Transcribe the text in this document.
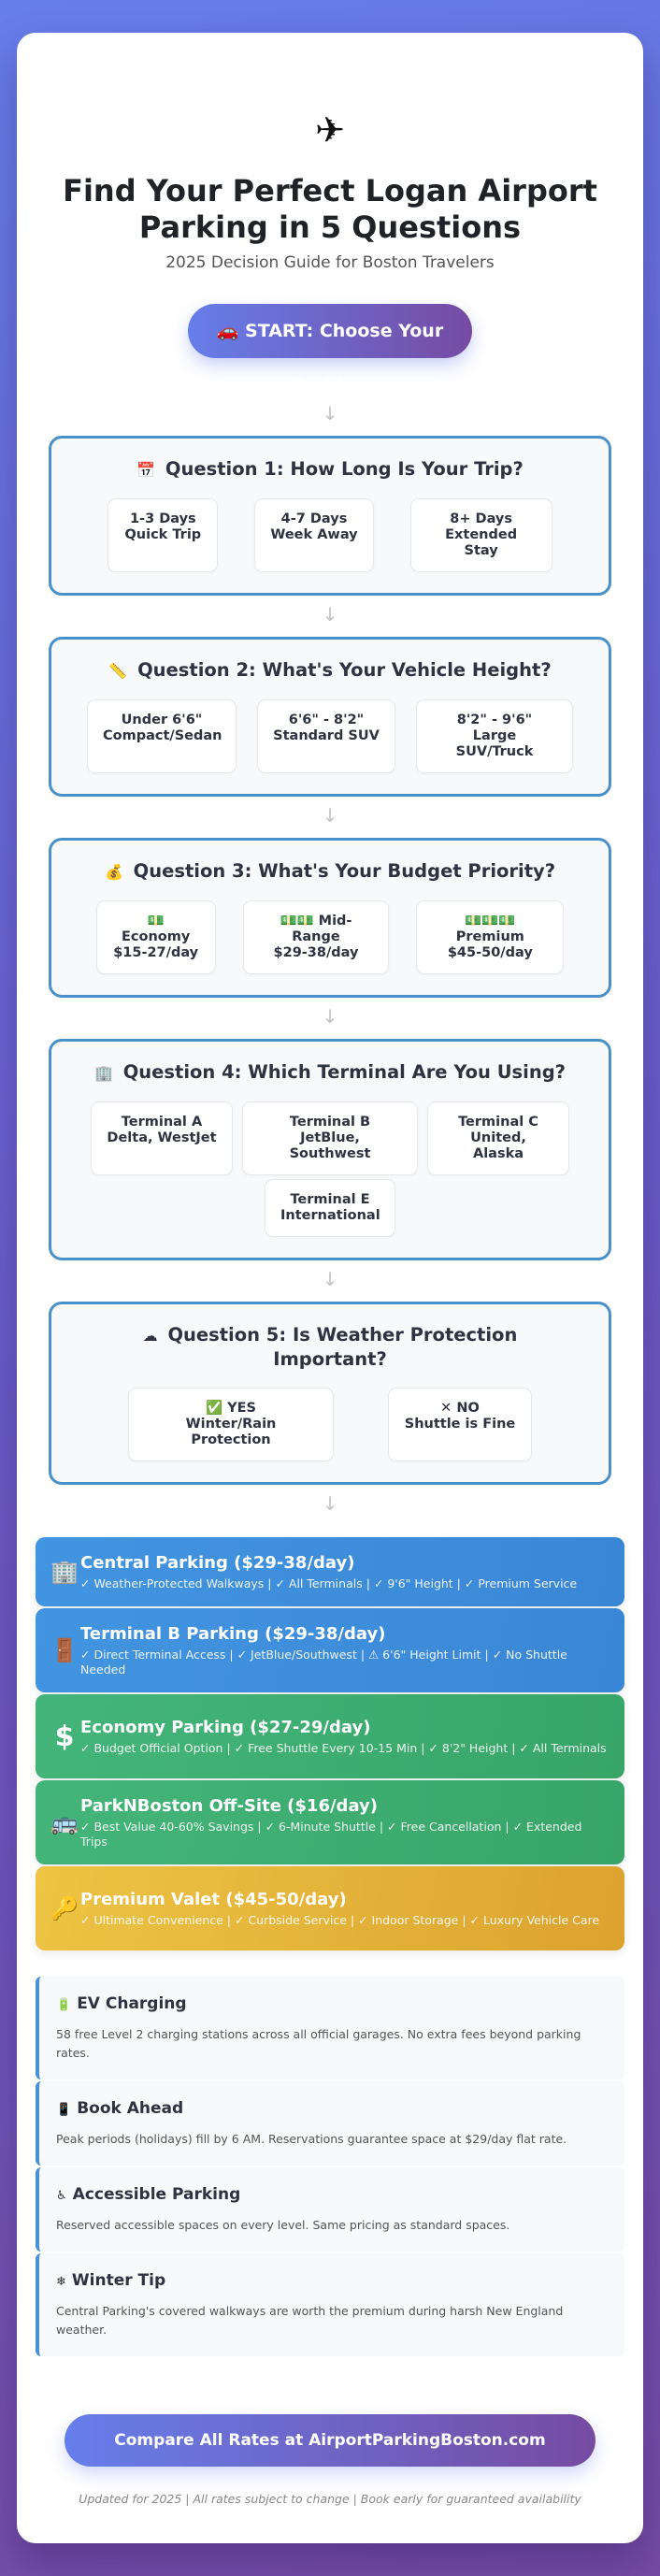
✈
Find Your Perfect Logan Airport Parking in 5 Questions
2025 Decision Guide for Boston Travelers
🚗 START: Choose Your Parking
↓
📅 Question 1: How Long Is Your Trip?
1-3 Days
Quick Trip
4-7 Days
Week Away
8+ Days
Extended Stay
↓
📏 Question 2: What's Your Vehicle Height?
Under 6'6"
Compact/Sedan
6'6" - 8'2"
Standard SUV
8'2" - 9'6"
Large SUV/Truck
↓
💰 Question 3: What's Your Budget Priority?
💵 Economy
$15-27/day
💵💵 Mid-Range
$29-38/day
💵💵💵 Premium
$45-50/day
↓
🏢 Question 4: Which Terminal Are You Using?
Terminal A
Delta, WestJet
Terminal B
JetBlue, Southwest
Terminal C
United, Alaska
Terminal E
International
↓
☁ Question 5: Is Weather Protection Important?
✅ YES
Winter/Rain Protection
✕ NO
Shuttle is Fine
↓
🏢 Central Parking ($29-38/day)
✓ Weather-Protected Walkways | ✓ All Terminals | ✓ 9'6" Height | ✓ Premium Service
🚪
Terminal B Parking ($29-38/day)
✓ Direct Terminal Access | ✓ JetBlue/Southwest | ⚠ 6'6" Height Limit | ✓ No Shuttle Needed
$ Economy Parking ($27-29/day)
✓ Budget Official Option | ✓ Free Shuttle Every 10-15 Min | ✓ 8'2" Height | ✓ All Terminals
🚌
ParkNBoston Off-Site ($16/day)
✓ Best Value 40-60% Savings | ✓ 6-Minute Shuttle | ✓ Free Cancellation | ✓ Extended Trips
🔑 Premium Valet ($45-50/day)
✓ Ultimate Convenience | ✓ Curbside Service | ✓ Indoor Storage | ✓ Luxury Vehicle Care
🔋 EV Charging
58 free Level 2 charging stations across all official garages. No extra fees beyond parking rates.
📱 Book Ahead
Peak periods (holidays) fill by 6 AM. Reservations guarantee space at $29/day flat rate.
♿ Accessible Parking
Reserved accessible spaces on every level. Same pricing as standard spaces.
❄ Winter Tip
Central Parking's covered walkways are worth the premium during harsh New England weather.
Compare All Rates at AirportParkingBoston.com
Updated for 2025 | All rates subject to change | Book early for guaranteed availability
